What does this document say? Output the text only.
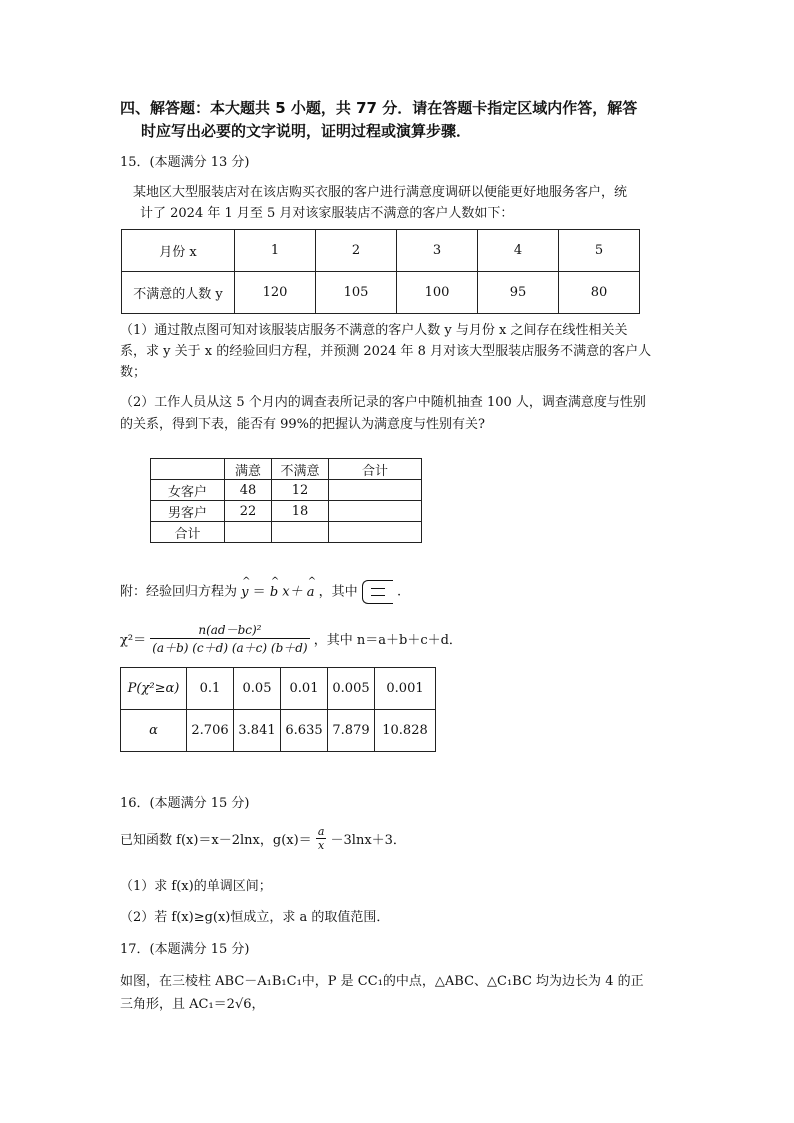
四、解答题：本大题共 5 小题，共 77 分．请在答题卡指定区域内作答，解答
时应写出必要的文字说明，证明过程或演算步骤．
15．(本题满分 13 分)
某地区大型服装店对在该店购买衣服的客户进行满意度调研以便能更好地服务客户，统
计了 2024 年 1 月至 5 月对该家服装店不满意的客户人数如下：
月份 x	1	2	3	4	5
不满意的人数 y	120	105	100	95	80
（1）通过散点图可知对该服装店服务不满意的客户人数 y 与月份 x 之间存在线性相关关
系，求 y 关于 x 的经验回归方程，并预测 2024 年 8 月对该大型服装店服务不满意的客户人
数；
（2）工作人员从这 5 个月内的调查表所记录的客户中随机抽查 100 人，调查满意度与性别
的关系，得到下表，能否有 99%的把握认为满意度与性别有关?
	满意	不满意	合计
女客户	48	12	
男客户	22	18	
合计			
附：经验回归方程为 ^ y ＝ ^ b x＋ ^ a ，其中	.
$\chi^2= \frac{\text{n(ad－bc)²}}{(a+b) (c+d) (a+c) (b+d)}$ ，其中 n＝a＋b＋c＋d．
P(χ²≥α)	0.1	0.05	0.01	0.005	0.001
α	2.706	3.841	6.635	7.879	10.828
16．(本题满分 15 分)
已知函数 f(x)＝x－2lnx，$g(x)= \frac{a}{x} -3\ln x+3$．
（1）求 f(x)的单调区间；
（2）若 f(x)≥g(x)恒成立，求 a 的取值范围．
17．(本题满分 15 分)
如图，在三棱柱 ABC－A₁B₁C₁中，P 是 CC₁的中点，△ABC、△C₁BC 均为边长为 4 的正
三角形，且 AC₁＝2√6，
